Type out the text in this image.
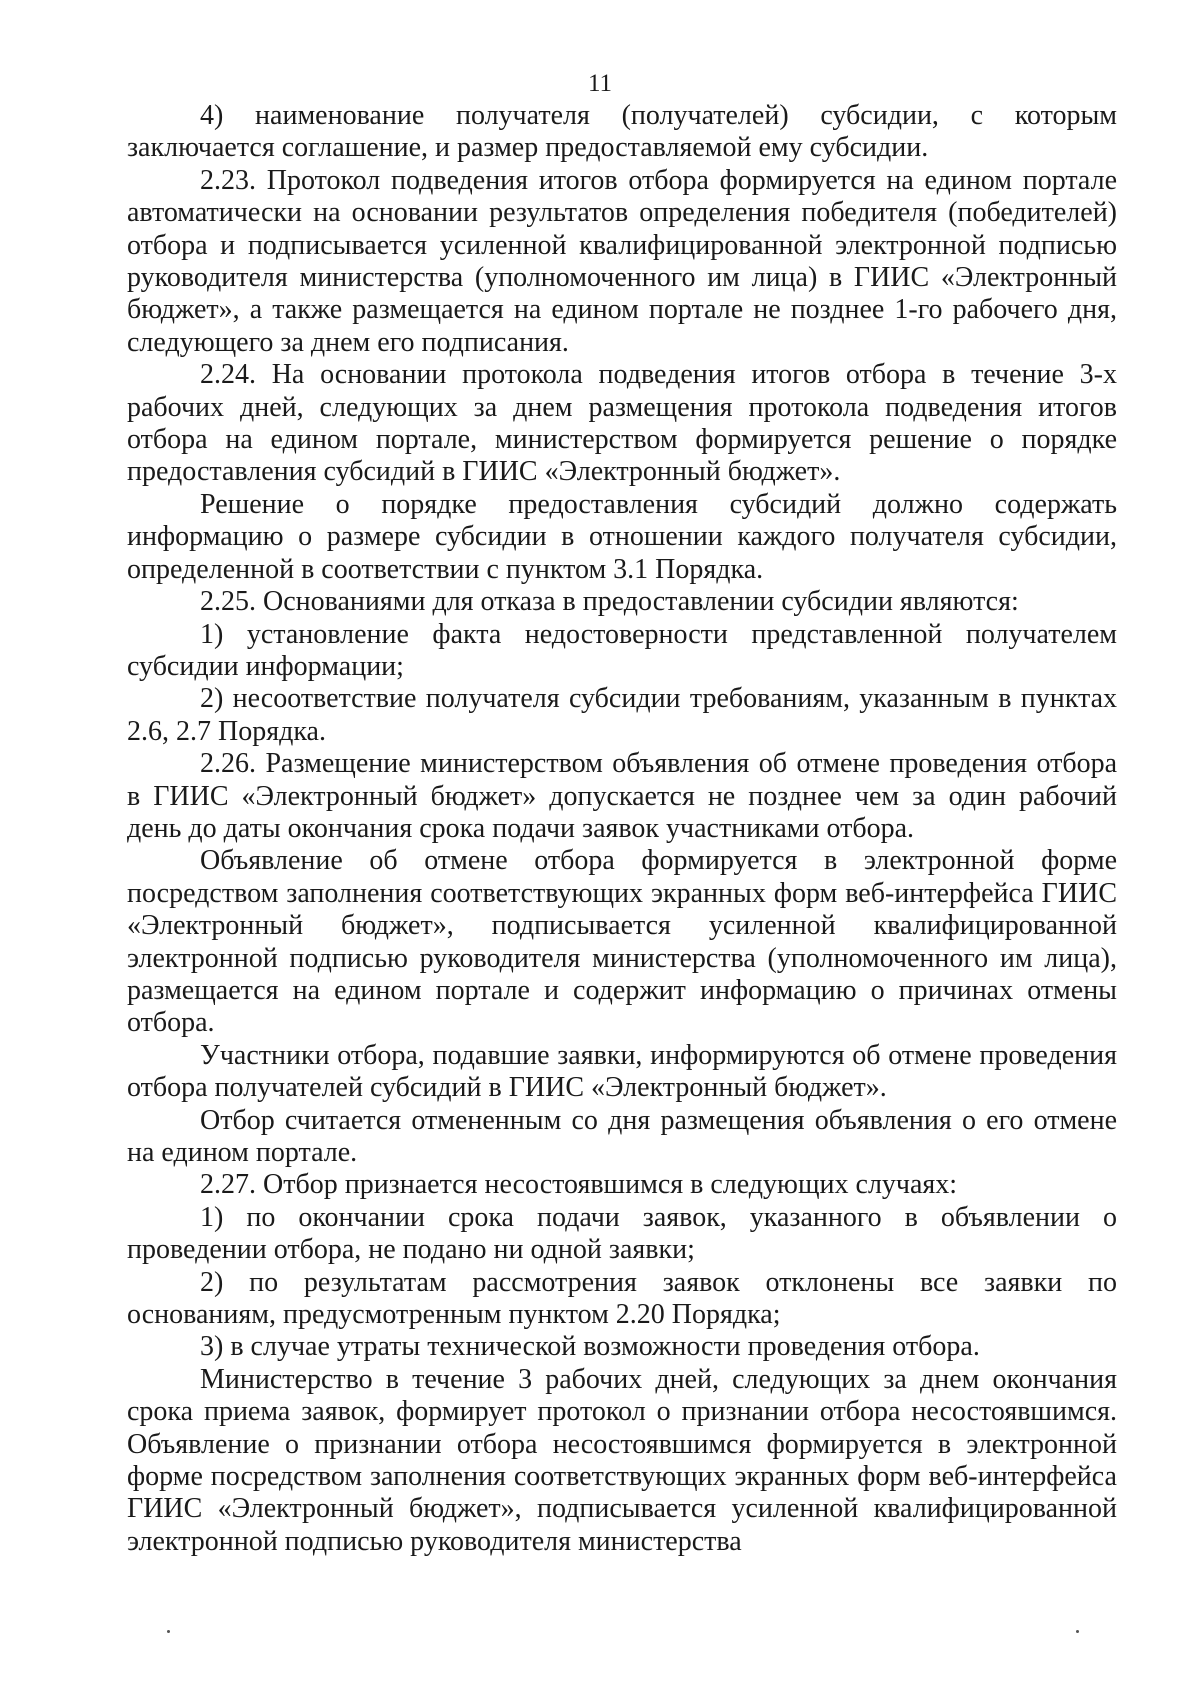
11

4) наименование получателя (получателей) субсидии, с которым заключается соглашение, и размер предоставляемой ему субсидии.

2.23. Протокол подведения итогов отбора формируется на едином портале автоматически на основании результатов определения победителя (победителей) отбора и подписывается усиленной квалифицированной электронной подписью руководителя министерства (уполномоченного им лица) в ГИИС «Электронный бюджет», а также размещается на едином портале не позднее 1-го рабочего дня, следующего за днем его подписания.

2.24. На основании протокола подведения итогов отбора в течение 3-х рабочих дней, следующих за днем размещения протокола подведения итогов отбора на едином портале, министерством формируется решение о порядке предоставления субсидий в ГИИС «Электронный бюджет».

Решение о порядке предоставления субсидий должно содержать информацию о размере субсидии в отношении каждого получателя субсидии, определенной в соответствии с пунктом 3.1 Порядка.

2.25. Основаниями для отказа в предоставлении субсидии являются:

1) установление факта недостоверности представленной получателем субсидии информации;

2) несоответствие получателя субсидии требованиям, указанным в пунктах 2.6, 2.7 Порядка.

2.26. Размещение министерством объявления об отмене проведения отбора в ГИИС «Электронный бюджет» допускается не позднее чем за один рабочий день до даты окончания срока подачи заявок участниками отбора.

Объявление об отмене отбора формируется в электронной форме посредством заполнения соответствующих экранных форм веб-интерфейса ГИИС «Электронный бюджет», подписывается усиленной квалифицированной электронной подписью руководителя министерства (уполномоченного им лица), размещается на едином портале и содержит информацию о причинах отмены отбора.

Участники отбора, подавшие заявки, информируются об отмене проведения отбора получателей субсидий в ГИИС «Электронный бюджет».

Отбор считается отмененным со дня размещения объявления о его отмене на едином портале.

2.27. Отбор признается несостоявшимся в следующих случаях:

1) по окончании срока подачи заявок, указанного в объявлении о проведении отбора, не подано ни одной заявки;

2) по результатам рассмотрения заявок отклонены все заявки по основаниям, предусмотренным пунктом 2.20 Порядка;

3) в случае утраты технической возможности проведения отбора.

Министерство в течение 3 рабочих дней, следующих за днем окончания срока приема заявок, формирует протокол о признании отбора несостоявшимся. Объявление о признании отбора несостоявшимся формируется в электронной форме посредством заполнения соответствующих экранных форм веб-интерфейса ГИИС «Электронный бюджет», подписывается усиленной квалифицированной электронной подписью руководителя министерства
